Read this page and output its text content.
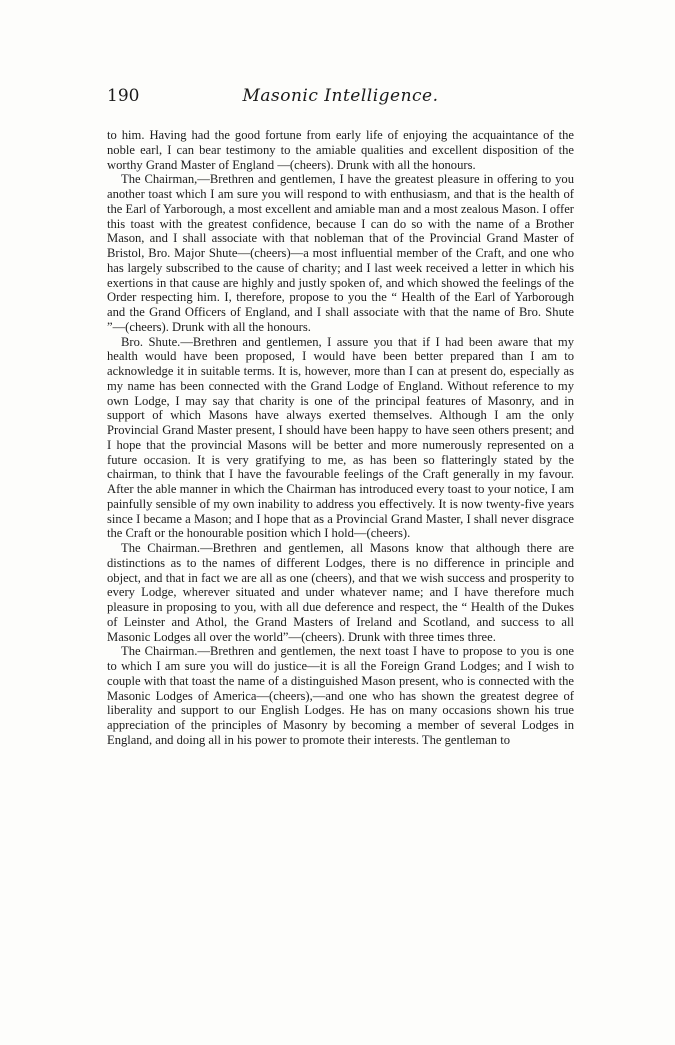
190	Masonic Intelligence.

to him. Having had the good fortune from early life of enjoying the acquaintance of the noble earl, I can bear testimony to the amiable qualities and excellent disposition of the worthy Grand Master of England —(cheers). Drunk with all the honours.

The Chairman,—Brethren and gentlemen, I have the greatest pleasure in offering to you another toast which I am sure you will respond to with enthusiasm, and that is the health of the Earl of Yarborough, a most excellent and amiable man and a most zealous Mason. I offer this toast with the greatest confidence, because I can do so with the name of a Brother Mason, and I shall associate with that nobleman that of the Provincial Grand Master of Bristol, Bro. Major Shute—(cheers)—a most influential member of the Craft, and one who has largely subscribed to the cause of charity; and I last week received a letter in which his exertions in that cause are highly and justly spoken of, and which showed the feelings of the Order respecting him. I, therefore, propose to you the “ Health of the Earl of Yarborough and the Grand Officers of England, and I shall associate with that the name of Bro. Shute ”—(cheers). Drunk with all the honours.

Bro. Shute.—Brethren and gentlemen, I assure you that if I had been aware that my health would have been proposed, I would have been better prepared than I am to acknowledge it in suitable terms. It is, however, more than I can at present do, especially as my name has been connected with the Grand Lodge of England. Without reference to my own Lodge, I may say that charity is one of the principal features of Masonry, and in support of which Masons have always exerted themselves. Although I am the only Provincial Grand Master present, I should have been happy to have seen others present; and I hope that the provincial Masons will be better and more numerously represented on a future occasion. It is very gratifying to me, as has been so flatteringly stated by the chairman, to think that I have the favourable feelings of the Craft generally in my favour. After the able manner in which the Chairman has introduced every toast to your notice, I am painfully sensible of my own inability to address you effectively. It is now twenty-five years since I became a Mason; and I hope that as a Provincial Grand Master, I shall never disgrace the Craft or the honourable position which I hold—(cheers).

The Chairman.—Brethren and gentlemen, all Masons know that although there are distinctions as to the names of different Lodges, there is no difference in principle and object, and that in fact we are all as one (cheers), and that we wish success and prosperity to every Lodge, wherever situated and under whatever name; and I have therefore much pleasure in proposing to you, with all due deference and respect, the “ Health of the Dukes of Leinster and Athol, the Grand Masters of Ireland and Scotland, and success to all Masonic Lodges all over the world”—(cheers). Drunk with three times three.

The Chairman.—Brethren and gentlemen, the next toast I have to propose to you is one to which I am sure you will do justice—it is all the Foreign Grand Lodges; and I wish to couple with that toast the name of a distinguished Mason present, who is connected with the Masonic Lodges of America—(cheers),—and one who has shown the greatest degree of liberality and support to our English Lodges. He has on many occasions shown his true appreciation of the principles of Masonry by becoming a member of several Lodges in England, and doing all in his power to promote their interests. The gentleman to
